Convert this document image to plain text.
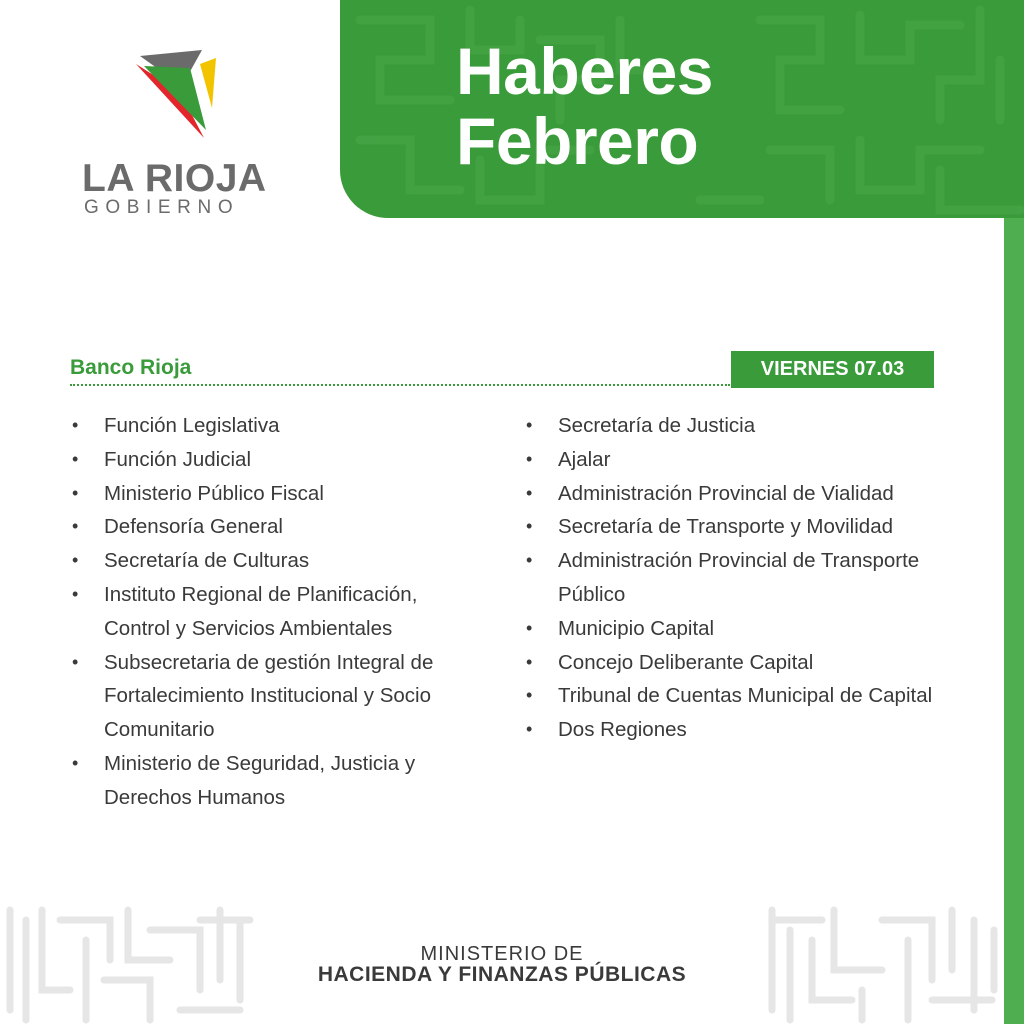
Haberes
Febrero
LA RIOJA
GOBIERNO
Banco Rioja	VIERNES 07.03
• Función Legislativa
• Función Judicial
• Ministerio Público Fiscal
• Defensoría General
• Secretaría de Culturas
• Instituto Regional de Planificación, Control y Servicios Ambientales
• Subsecretaria de gestión Integral de Fortalecimiento Institucional y Socio Comunitario
• Ministerio de Seguridad, Justicia y Derechos Humanos
• Secretaría de Justicia
• Ajalar
• Administración Provincial de Vialidad
• Secretaría de Transporte y Movilidad
• Administración Provincial de Transporte Público
• Municipio Capital
• Concejo Deliberante Capital
• Tribunal de Cuentas Municipal de Capital
• Dos Regiones
MINISTERIO DE
HACIENDA Y FINANZAS PÚBLICAS
